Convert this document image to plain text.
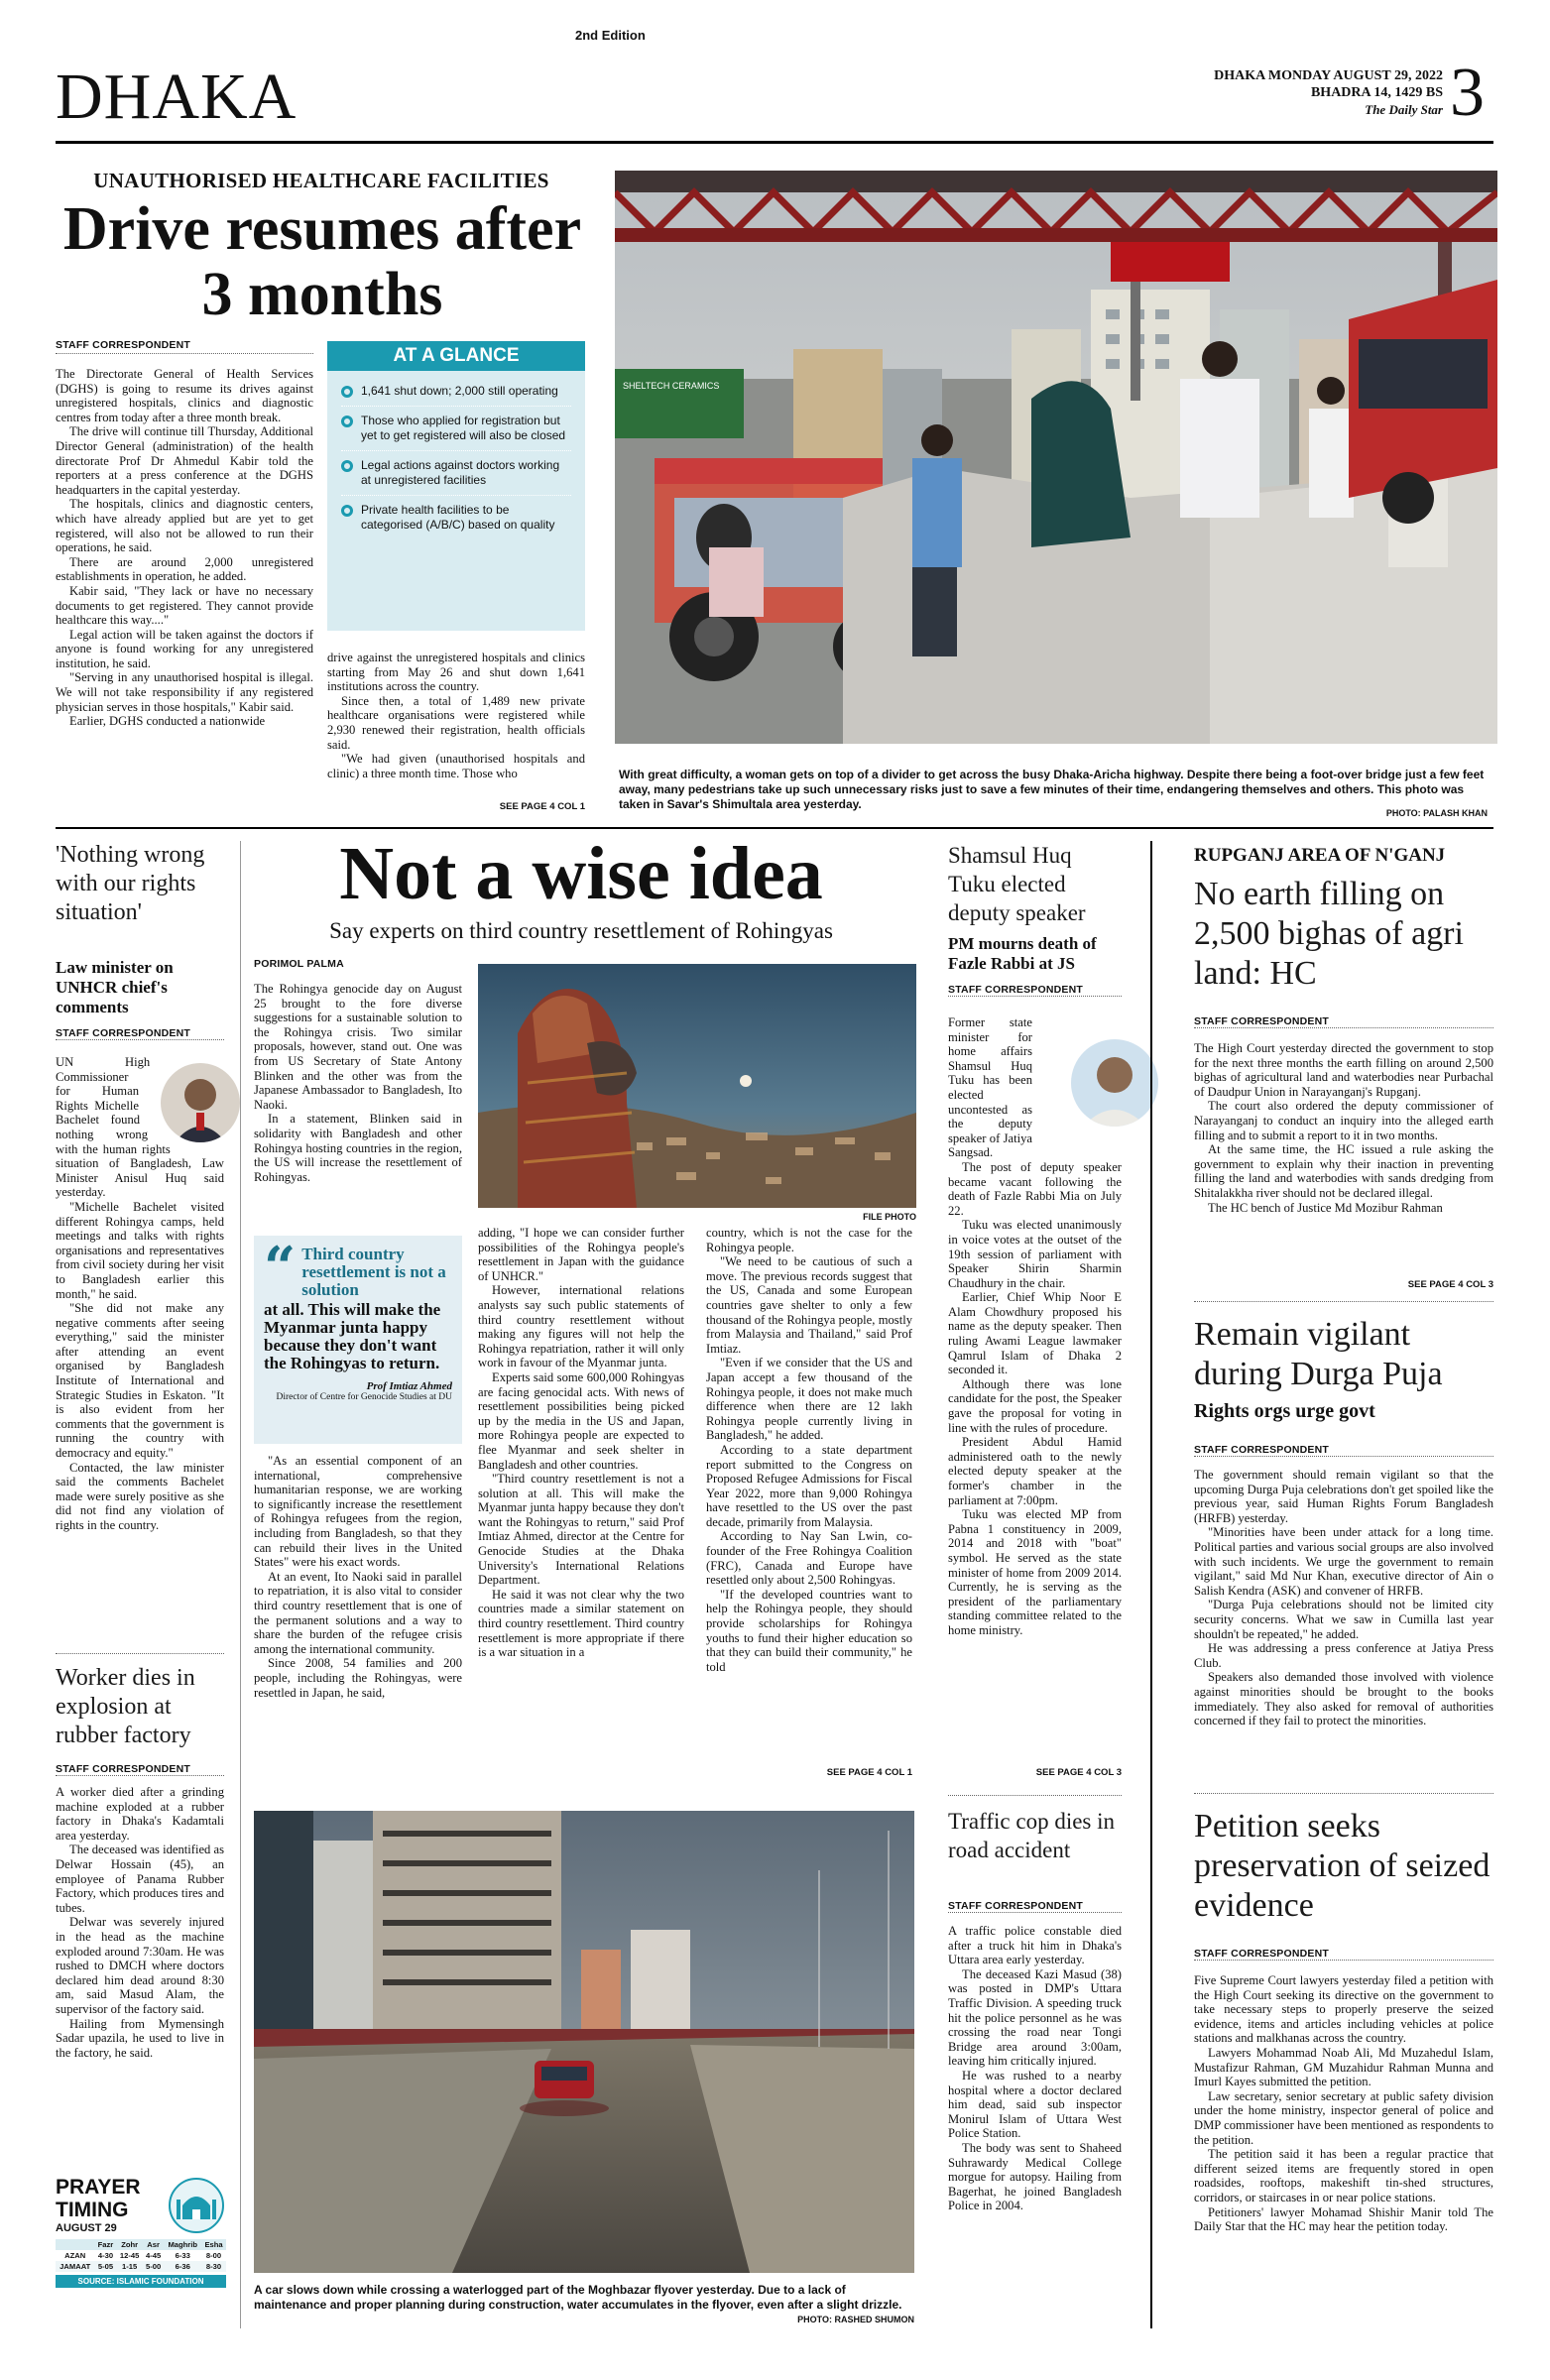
2nd Edition
DHAKA	DHAKA MONDAY AUGUST 29, 2022
BHADRA 14, 1429 BS
The Daily Star 3
UNAUTHORISED HEALTHCARE FACILITIES
Drive resumes after 3 months
STAFF CORRESPONDENT

The Directorate General of Health Services (DGHS) is going to resume its drives against unregistered hospitals, clinics and diagnostic centres from today after a three month break.

The drive will continue till Thursday, Additional Director General (administration) of the health directorate Prof Dr Ahmedul Kabir told the reporters at a press conference at the DGHS headquarters in the capital yesterday.

The hospitals, clinics and diagnostic centers, which have already applied but are yet to get registered, will also not be allowed to run their operations, he said.

There are around 2,000 unregistered establishments in operation, he added.

Kabir said, "They lack or have no necessary documents to get registered. They cannot provide healthcare this way...."

Legal action will be taken against the doctors if anyone is found working for any unregistered institution, he said.

"Serving in any unauthorised hospital is illegal. We will not take responsibility if any registered physician serves in those hospitals," Kabir said.

Earlier, DGHS conducted a nationwide

AT A GLANCE
1,641 shut down; 2,000 still operating
Those who applied for registration but yet to get registered will also be closed
Legal actions against doctors working at unregistered facilities
Private health facilities to be categorised (A/B/C) based on quality

drive against the unregistered hospitals and clinics starting from May 26 and shut down 1,641 institutions across the country.

Since then, a total of 1,489 new private healthcare organisations were registered while 2,930 renewed their registration, health officials said.

"We had given (unauthorised hospitals and clinic) a three month time. Those who

SEE PAGE 4 COL 1
SHELTECH CERAMICS
With great difficulty, a woman gets on top of a divider to get across the busy Dhaka-Aricha highway. Despite there being a foot-over bridge just a few feet away, many pedestrians take up such unnecessary risks just to save a few minutes of their time, endangering themselves and others. This photo was taken in Savar's Shimultala area yesterday.
PHOTO: PALASH KHAN
'Nothing wrong with our rights situation'
Law minister on UNHCR chief's comments
STAFF CORRESPONDENT

UN High Commissioner for Human Rights Michelle Bachelet found nothing wrong with the human rights situation of Bangladesh, Law Minister Anisul Huq said yesterday.

"Michelle Bachelet visited different Rohingya camps, held meetings and talks with rights organisations and representatives from civil society during her visit to Bangladesh earlier this month," he said.

"She did not make any negative comments after seeing everything," said the minister after attending an event organised by Bangladesh Institute of International and Strategic Studies in Eskaton. "It is also evident from her comments that the government is running the country with democracy and equity."

Contacted, the law minister said the comments Bachelet made were surely positive as she did not find any violation of rights in the country.

Worker dies in explosion at rubber factory
STAFF CORRESPONDENT

A worker died after a grinding machine exploded at a rubber factory in Dhaka's Kadamtali area yesterday.

The deceased was identified as Delwar Hossain (45), an employee of Panama Rubber Factory, which produces tires and tubes.

Delwar was severely injured in the head as the machine exploded around 7:30am. He was rushed to DMCH where doctors declared him dead around 8:30 am, said Masud Alam, the supervisor of the factory said.

Hailing from Mymensingh Sadar upazila, he used to live in the factory, he said.

PRAYER
TIMING
AUGUST 29
	Fazr	Zohr	Asr	Maghrib	Esha
AZAN	4-30	12-45	4-45	6-33	8-00
JAMAAT	5-05	1-15	5-00	6-36	8-30
SOURCE: ISLAMIC FOUNDATION
Not a wise idea
Say experts on third country resettlement of Rohingyas
PORIMOL PALMA

The Rohingya genocide day on August 25 brought to the fore diverse suggestions for a sustainable solution to the Rohingya crisis. Two similar proposals, however, stand out. One was from US Secretary of State Antony Blinken and the other was from the Japanese Ambassador to Bangladesh, Ito Naoki.

In a statement, Blinken said in solidarity with Bangladesh and other Rohingya hosting countries in the region, the US will increase the resettlement of Rohingyas.

FILE PHOTO
“ Third country resettlement is not a solution
at all. This will make the Myanmar junta happy because they don't want the Rohingyas to return.
Prof Imtiaz Ahmed
Director of Centre for Genocide Studies at DU

"As an essential component of an international, comprehensive humanitarian response, we are working to significantly increase the resettlement of Rohingya refugees from the region, including from Bangladesh, so that they can rebuild their lives in the United States" were his exact words.

At an event, Ito Naoki said in parallel to repatriation, it is also vital to consider third country resettlement that is one of the permanent solutions and a way to share the burden of the refugee crisis among the international community.

Since 2008, 54 families and 200 people, including the Rohingyas, were resettled in Japan, he said,

adding, "I hope we can consider further possibilities of the Rohingya people's resettlement in Japan with the guidance of UNHCR."

However, international relations analysts say such public statements of third country resettlement without making any figures will not help the Rohingya repatriation, rather it will only work in favour of the Myanmar junta.

Experts said some 600,000 Rohingyas are facing genocidal acts. With news of resettlement possibilities being picked up by the media in the US and Japan, more Rohingya people are expected to flee Myanmar and seek shelter in Bangladesh and other countries.

"Third country resettlement is not a solution at all. This will make the Myanmar junta happy because they don't want the Rohingyas to return," said Prof Imtiaz Ahmed, director at the Centre for Genocide Studies at the Dhaka University's International Relations Department.

He said it was not clear why the two countries made a similar statement on third country resettlement. Third country resettlement is more appropriate if there is a war situation in a

country, which is not the case for the Rohingya people.

"We need to be cautious of such a move. The previous records suggest that the US, Canada and some European countries gave shelter to only a few thousand of the Rohingya people, mostly from Malaysia and Thailand," said Prof Imtiaz.

"Even if we consider that the US and Japan accept a few thousand of the Rohingya people, it does not make much difference when there are 12 lakh Rohingya people currently living in Bangladesh," he added.

According to a state department report submitted to the Congress on Proposed Refugee Admissions for Fiscal Year 2022, more than 9,000 Rohingya have resettled to the US over the past decade, primarily from Malaysia.

According to Nay San Lwin, co-founder of the Free Rohingya Coalition (FRC), Canada and Europe have resettled only about 2,500 Rohingyas.

"If the developed countries want to help the Rohingya people, they should provide scholarships for Rohingya youths to fund their higher education so that they can build their community," he told

SEE PAGE 4 COL 1
A car slows down while crossing a waterlogged part of the Moghbazar flyover yesterday. Due to a lack of maintenance and proper planning during construction, water accumulates in the flyover, even after a slight drizzle.
PHOTO: RASHED SHUMON
Shamsul Huq Tuku elected deputy speaker
PM mourns death of Fazle Rabbi at JS
STAFF CORRESPONDENT

Former state minister for home affairs Shamsul Huq Tuku has been elected uncontested as the deputy speaker of Jatiya Sangsad.

The post of deputy speaker became vacant following the death of Fazle Rabbi Mia on July 22.

Tuku was elected unanimously in voice votes at the outset of the 19th session of parliament with Speaker Shirin Sharmin Chaudhury in the chair.

Earlier, Chief Whip Noor E Alam Chowdhury proposed his name as the deputy speaker. Then ruling Awami League lawmaker Qamrul Islam of Dhaka 2 seconded it.

Although there was lone candidate for the post, the Speaker gave the proposal for voting in line with the rules of procedure.

President Abdul Hamid administered oath to the newly elected deputy speaker at the former's chamber in the parliament at 7:00pm.

Tuku was elected MP from Pabna 1 constituency in 2009, 2014 and 2018 with "boat" symbol. He served as the state minister of home from 2009 2014. Currently, he is serving as the president of the parliamentary standing committee related to the home ministry.

SEE PAGE 4 COL 3
Traffic cop dies in road accident
STAFF CORRESPONDENT

A traffic police constable died after a truck hit him in Dhaka's Uttara area early yesterday.

The deceased Kazi Masud (38) was posted in DMP's Uttara Traffic Division. A speeding truck hit the police personnel as he was crossing the road near Tongi Bridge area around 3:00am, leaving him critically injured.

He was rushed to a nearby hospital where a doctor declared him dead, said sub inspector Monirul Islam of Uttara West Police Station.

The body was sent to Shaheed Suhrawardy Medical College morgue for autopsy. Hailing from Bagerhat, he joined Bangladesh Police in 2004.

RUPGANJ AREA OF N'GANJ
No earth filling on 2,500 bighas of agri land: HC
STAFF CORRESPONDENT

The High Court yesterday directed the government to stop for the next three months the earth filling on around 2,500 bighas of agricultural land and waterbodies near Purbachal of Daudpur Union in Narayanganj's Rupganj.

The court also ordered the deputy commissioner of Narayanganj to conduct an inquiry into the alleged earth filling and to submit a report to it in two months.

At the same time, the HC issued a rule asking the government to explain why their inaction in preventing filling the land and waterbodies with sands dredging from Shitalakkha river should not be declared illegal.

The HC bench of Justice Md Mozibur Rahman

SEE PAGE 4 COL 3
Remain vigilant during Durga Puja
Rights orgs urge govt
STAFF CORRESPONDENT

The government should remain vigilant so that the upcoming Durga Puja celebrations don't get spoiled like the previous year, said Human Rights Forum Bangladesh (HRFB) yesterday.

"Minorities have been under attack for a long time. Political parties and various social groups are also involved with such incidents. We urge the government to remain vigilant," said Md Nur Khan, executive director of Ain o Salish Kendra (ASK) and convener of HRFB.

"Durga Puja celebrations should not be limited city security concerns. What we saw in Cumilla last year shouldn't be repeated," he added.

He was addressing a press conference at Jatiya Press Club.

Speakers also demanded those involved with violence against minorities should be brought to the books immediately. They also asked for removal of authorities concerned if they fail to protect the minorities.

Petition seeks preservation of seized evidence
STAFF CORRESPONDENT

Five Supreme Court lawyers yesterday filed a petition with the High Court seeking its directive on the government to take necessary steps to properly preserve the seized evidence, items and articles including vehicles at police stations and malkhanas across the country.

Lawyers Mohammad Noab Ali, Md Muzahedul Islam, Mustafizur Rahman, GM Muzahidur Rahman Munna and Imurl Kayes submitted the petition.

Law secretary, senior secretary at public safety division under the home ministry, inspector general of police and DMP commissioner have been mentioned as respondents to the petition.

The petition said it has been a regular practice that different seized items are frequently stored in open roadsides, rooftops, makeshift tin-shed structures, corridors, or staircases in or near police stations.

Petitioners' lawyer Mohamad Shishir Manir told The Daily Star that the HC may hear the petition today.
